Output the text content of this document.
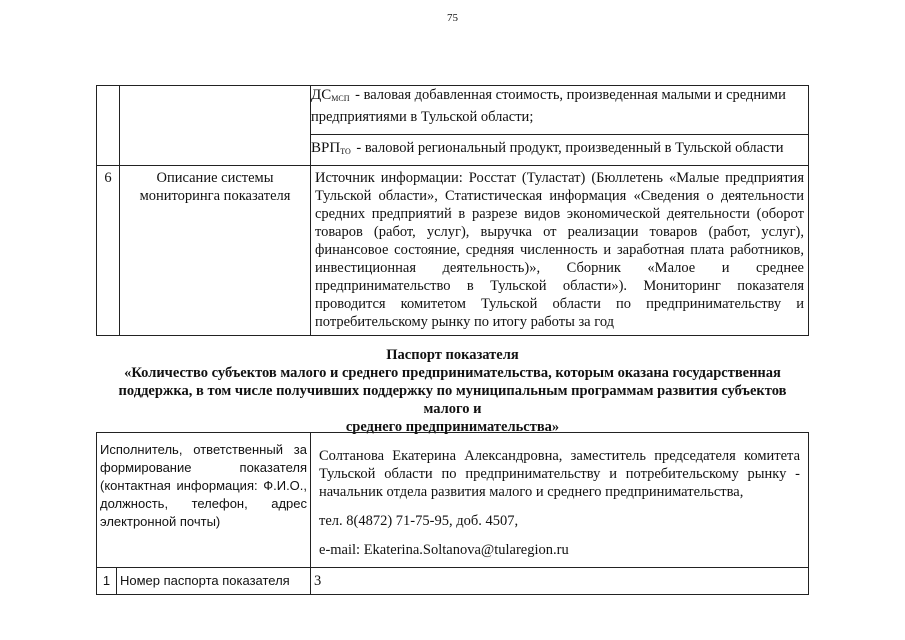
75
		$ДС_{МСП}$ - валовая добавленная стоимость, произведенная малыми и средними
предприятиями в Тульской области;

		$ВРП_{ТО}$ - валовой региональный продукт, произведенный в Тульской области

6	Описание системы мониторинга показателя	Источник информации: Росстат (Туластат) (Бюллетень «Малые предприятия Тульской области», Статистическая информация «Сведения о деятельности средних предприятий в разрезе видов экономической деятельности (оборот товаров (работ, услуг), выручка от реализации товаров (работ, услуг), финансовое состояние, средняя численность и заработная плата работников, инвестиционная деятельность)», Сборник «Малое и среднее предпринимательство в Тульской области»). Мониторинг показателя проводится комитетом Тульской области по предпринимательству и потребительскому рынку по итогу работы за год
Паспорт показателя
«Количество субъектов малого и среднего предпринимательства, которым оказана государственная
поддержка, в том числе получивших поддержку по муниципальным программам развития субъектов малого и
среднего предпринимательства»
Исполнитель, ответственный за формирование показателя (контактная информация: Ф.И.О., должность, телефон, адрес электронной почты)		Солтанова Екатерина Александровна, заместитель председателя комитета Тульской области по предпринимательству и потребительскому рынку - начальник отдела развития малого и среднего предпринимательства,
тел. 8(4872) 71-75-95, доб. 4507,
e-mail: Ekaterina.Soltanova@tularegion.ru

1	Номер паспорта показателя	3
